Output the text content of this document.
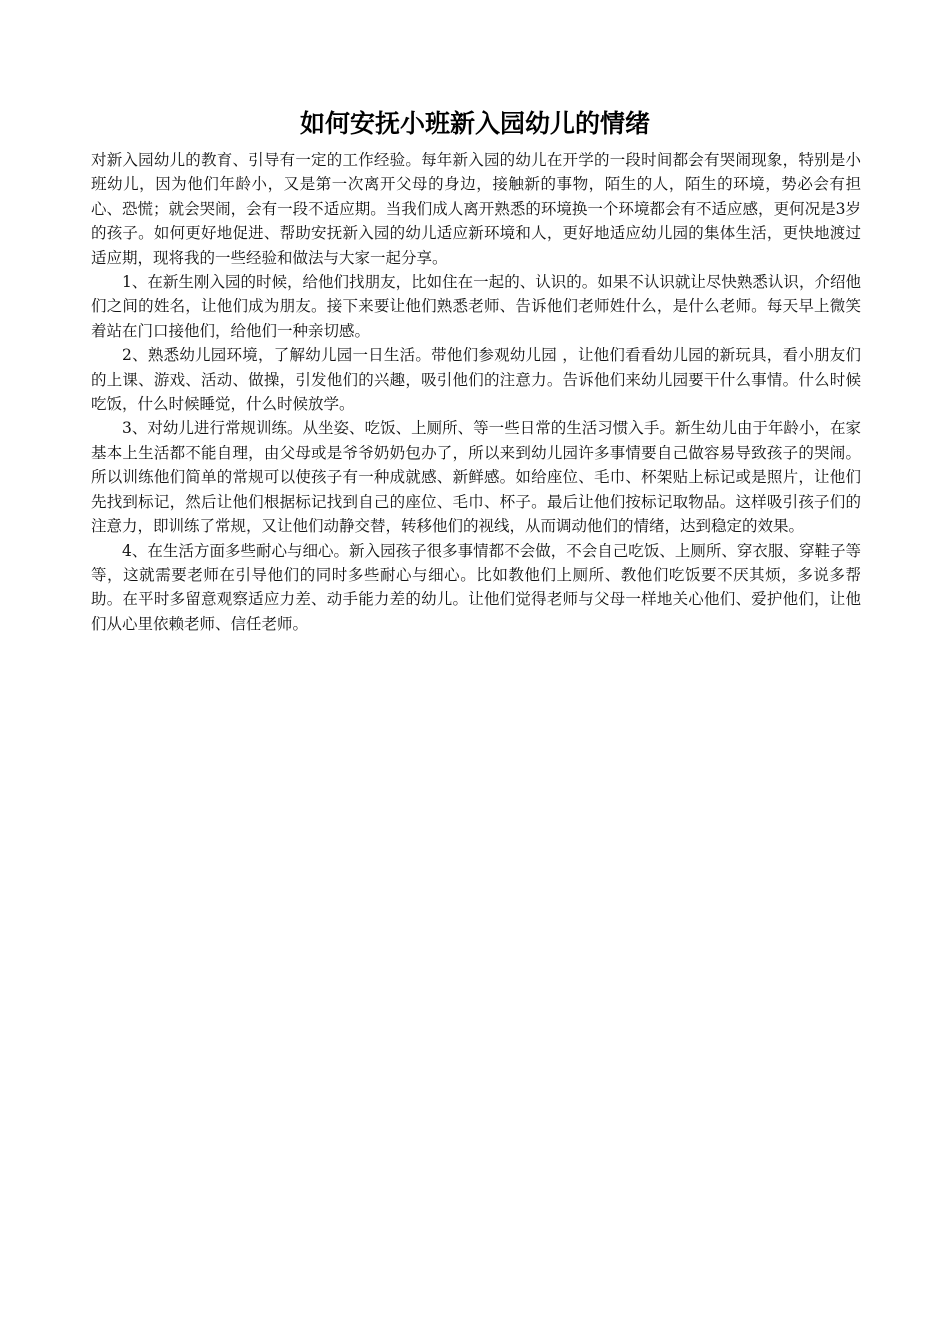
如何安抚小班新入园幼儿的情绪

对新入园幼儿的教育、引导有一定的工作经验。每年新入园的幼儿在开学的一段时间都会有哭闹现象，特别是小班幼儿，因为他们年龄小，又是第一次离开父母的身边，接触新的事物，陌生的人，陌生的环境，势必会有担心、恐慌；就会哭闹，会有一段不适应期。当我们成人离开熟悉的环境换一个环境都会有不适应感，更何况是3岁的孩子。如何更好地促进、帮助安抚新入园的幼儿适应新环境和人，更好地适应幼儿园的集体生活，更快地渡过适应期，现将我的一些经验和做法与大家一起分享。

1、在新生刚入园的时候，给他们找朋友，比如住在一起的、认识的。如果不认识就让尽快熟悉认识，介绍他们之间的姓名，让他们成为朋友。接下来要让他们熟悉老师、告诉他们老师姓什么，是什么老师。每天早上微笑着站在门口接他们，给他们一种亲切感。

2、熟悉幼儿园环境，了解幼儿园一日生活。带他们参观幼儿园 ，让他们看看幼儿园的新玩具，看小朋友们的上课、游戏、活动、做操，引发他们的兴趣，吸引他们的注意力。告诉他们来幼儿园要干什么事情。什么时候吃饭，什么时候睡觉，什么时候放学。

3、对幼儿进行常规训练。从坐姿、吃饭、上厕所、等一些日常的生活习惯入手。新生幼儿由于年龄小，在家基本上生活都不能自理，由父母或是爷爷奶奶包办了，所以来到幼儿园许多事情要自己做容易导致孩子的哭闹。所以训练他们简单的常规可以使孩子有一种成就感、新鲜感。如给座位、毛巾、杯架贴上标记或是照片，让他们先找到标记，然后让他们根据标记找到自己的座位、毛巾、杯子。最后让他们按标记取物品。这样吸引孩子们的注意力，即训练了常规，又让他们动静交替，转移他们的视线，从而调动他们的情绪，达到稳定的效果。

4、在生活方面多些耐心与细心。新入园孩子很多事情都不会做，不会自己吃饭、上厕所、穿衣服、穿鞋子等等，这就需要老师在引导他们的同时多些耐心与细心。比如教他们上厕所、教他们吃饭要不厌其烦，多说多帮助。在平时多留意观察适应力差、动手能力差的幼儿。让他们觉得老师与父母一样地关心他们、爱护他们，让他们从心里依赖老师、信任老师。
